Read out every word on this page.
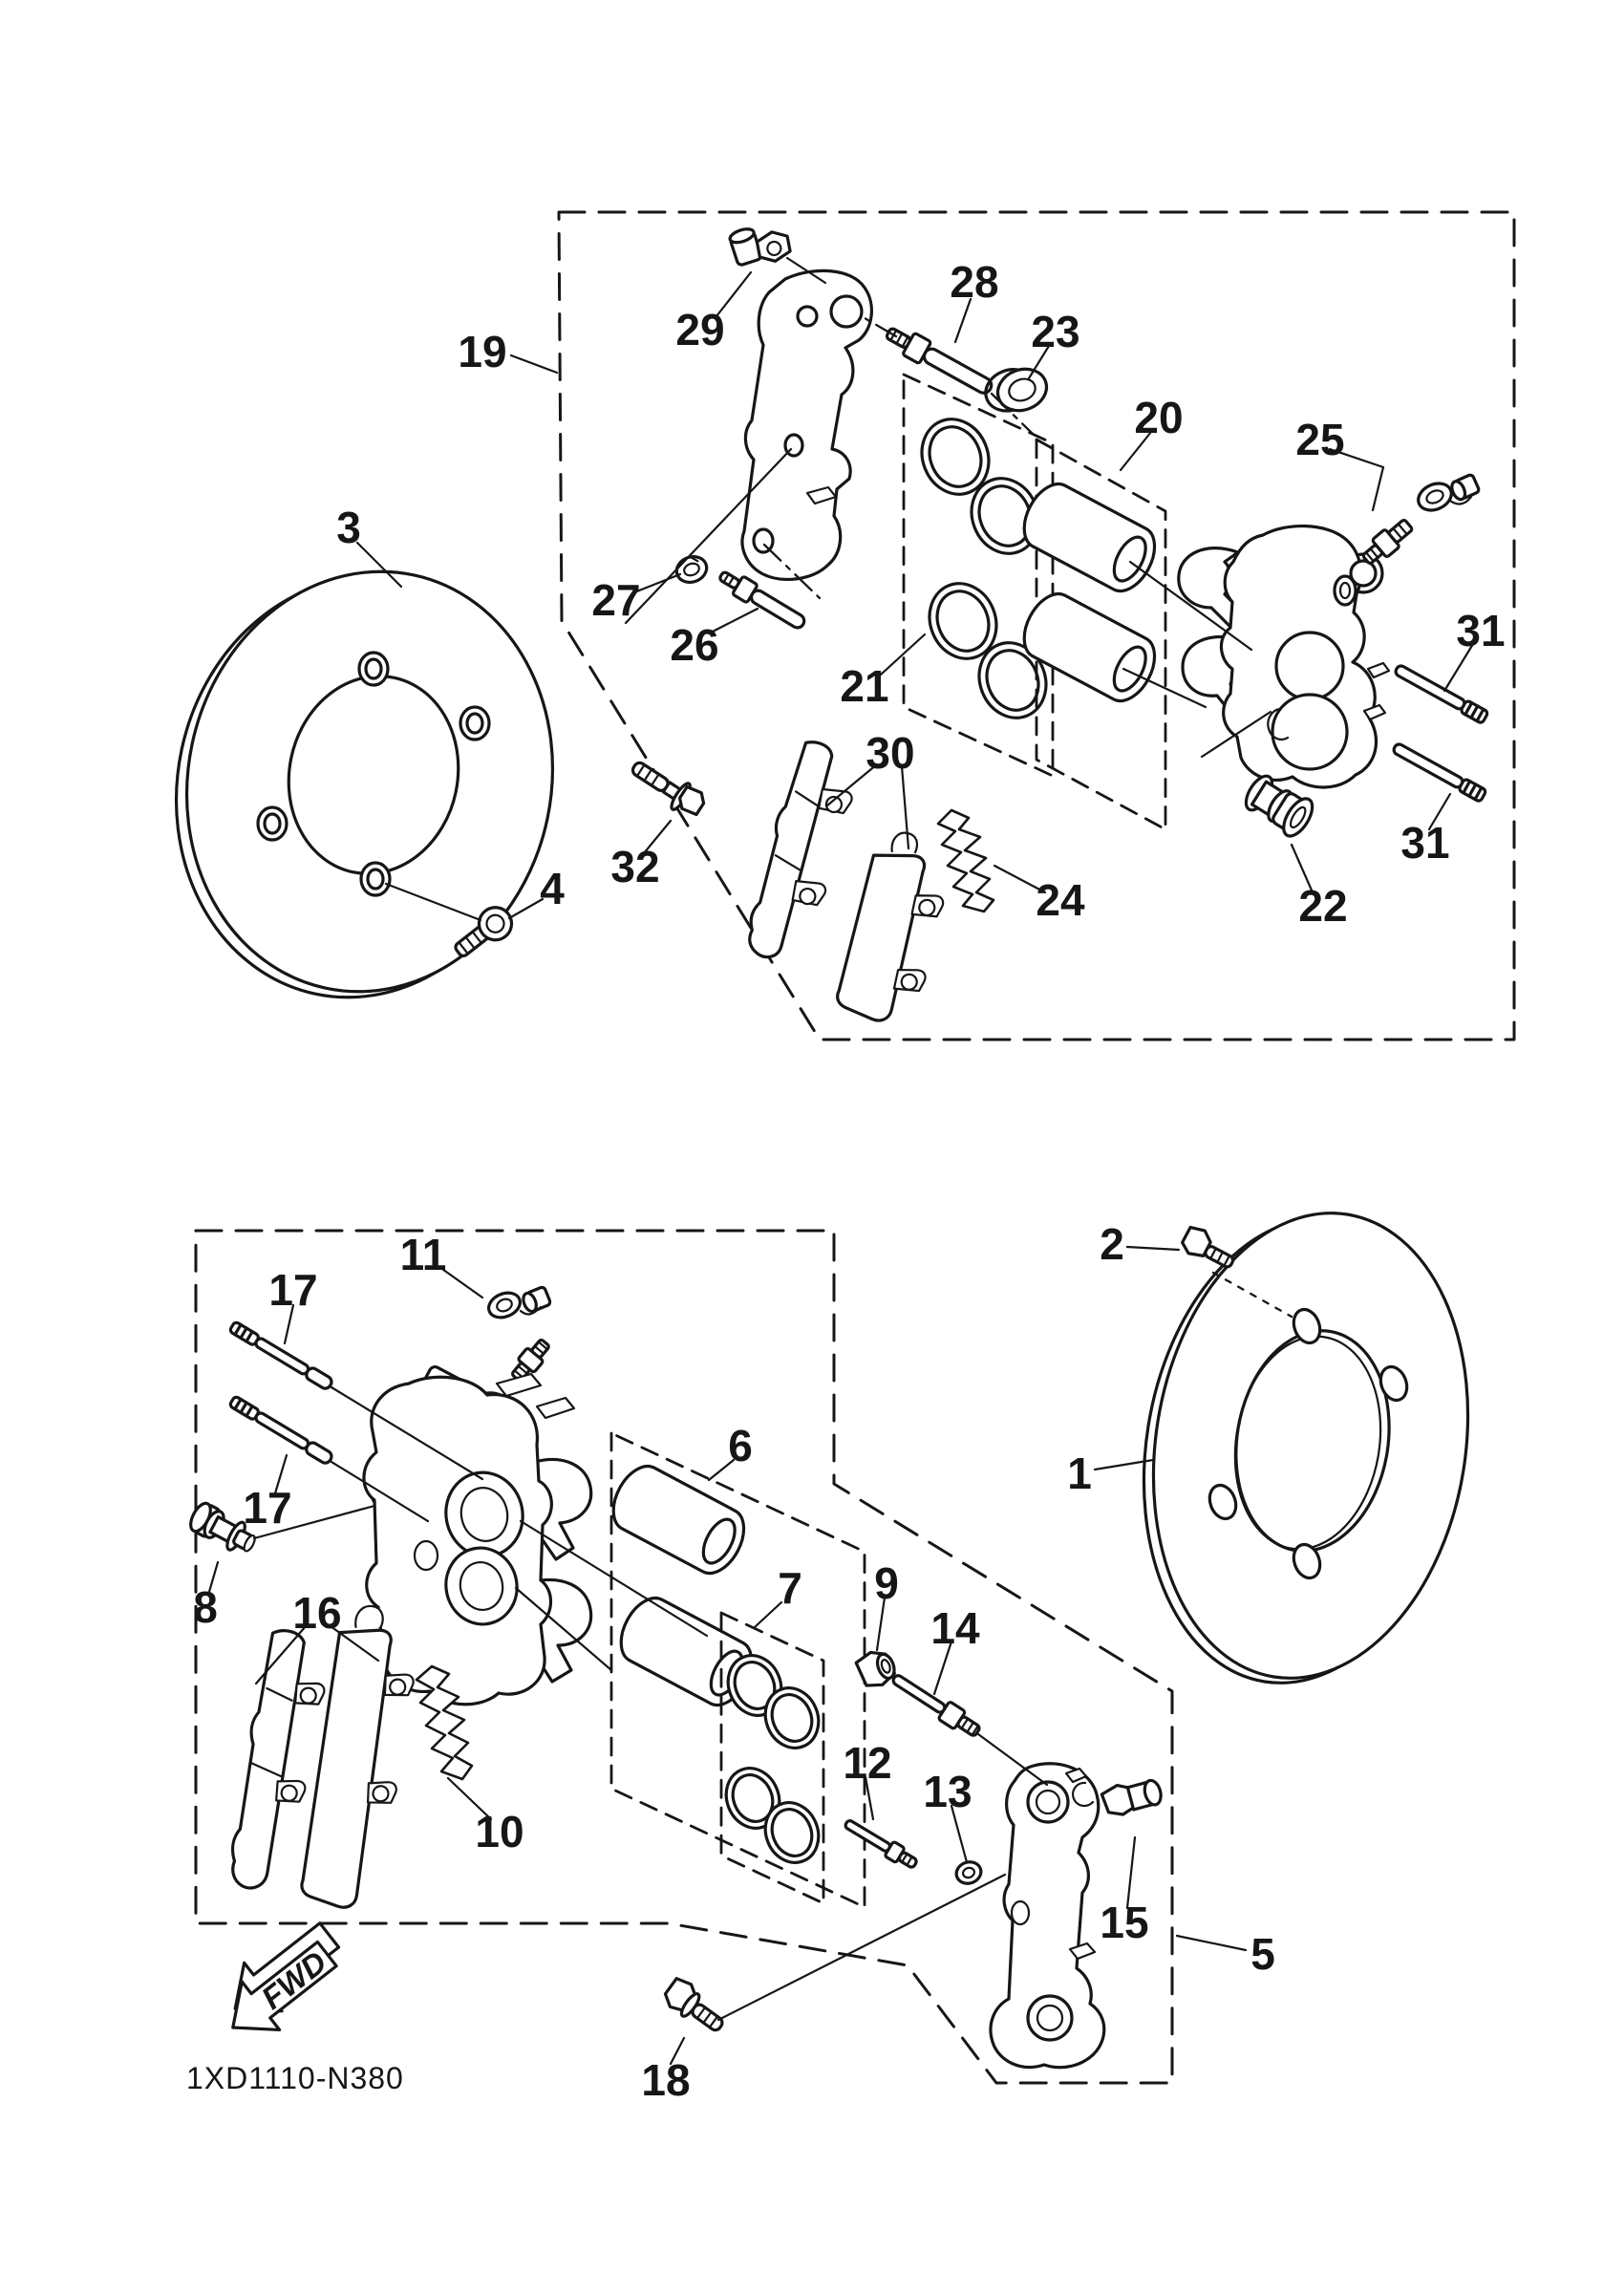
FWD
1XD1110-N380
19	29
28
23
20	25
3
27
26
21
31
31
32
30
24	22
4
11	2
17
17
1
6
8 16	7 9
14
12
13
10
15
5
18
